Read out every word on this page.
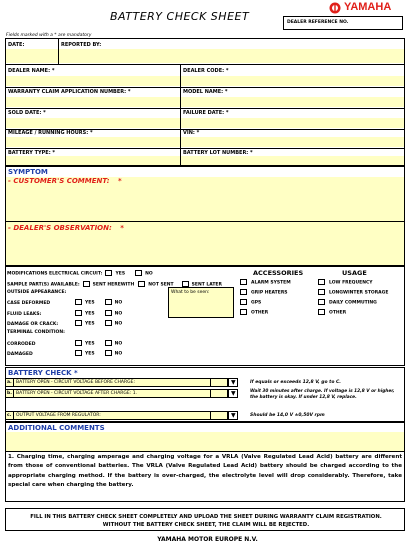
BATTERY CHECK SHEET	DEALER REFERENCE NO.
YAMAHA
Fields marked with a * are mandatory
DATE:	REPORTED BY:
DEALER NAME: *	DEALER CODE: *
WARRANTY CLAIM APPLICATION NUMBER: *	MODEL NAME: *
SOLD DATE: *	FAILURE DATE: *
MILEAGE / RUNNING HOURS: *	VIN: *
BATTERY TYPE: *	BATTERY LOT NUMBER: *
SYMPTOM
- CUSTOMER'S COMMENT: *
- DEALER'S OBSERVATION: *
MODIFICATIONS ELECTRICAL CIRCUIT:	YES	NO
SAMPLE PART(S) AVAILABLE:	SENT HEREWITH	NOT SENT	SENT LATER
OUTSIDE APPEARANCE:
CASE DEFORMED	YES	NO
FLUID LEAKS:	YES	NO
DAMAGE OR CRACK:	YES	NO
What to be seen:
TERMINAL CONDITION:
CORRODED	YES	NO
DAMAGED	YES	NO
ACCESSORIES	USAGE
ALARM SYSTEM
GRIP HEATERS
GPS
OTHER
LOW FREQUENCY
LONGWINTER STORAGE
DAILY COMMUTING
OTHER
BATTERY CHECK *
a. BATTERY OPEN - CIRCUIT VOLTAGE BEFORE CHARGE:	▼	If equals or exceeds 12,8 V, go to C.
b. BATTERY OPEN - CIRCUIT VOLTAGE AFTER CHARGE: 1.	▼	Wait 30 minutes after charge. If voltage is 12,8 V or higher, the battery is okay. If under 12,8 V, replace.
c. OUTPUT VOLTAGE FROM REGULATOR:	▼	Should be 14,0 V ±0,50V rpm
ADDITIONAL COMMENTS
1. Charging time, charging amperage and charging voltage for a VRLA (Valve Regulated Lead Acid) battery are different from those of conventional batteries. The VRLA (Valve Regulated Lead Acid) battery should be charged according to the appropriate charging method. If the battery is over-charged, the electrolyte level will drop considerably. Therefore, take special care when charging the battery.
FILL IN THIS BATTERY CHECK SHEET COMPLETELY AND UPLOAD THE SHEET DURING WARRANTY CLAIM REGISTRATION. WITHOUT THE BATTERY CHECK SHEET, THE CLAIM WILL BE REJECTED.
YAMAHA MOTOR EUROPE N.V.
